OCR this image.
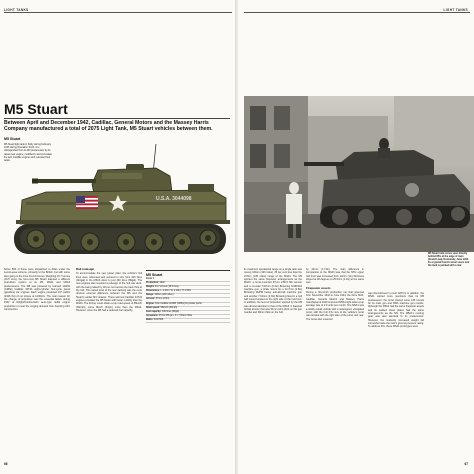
LIGHT TANKS
M5 Stuart
Between April and December 1942, Cadillac, General Motors and the Massey Harris Company manufactured a total of 2075 Light Tank, M5 Stuart vehicles between them.
M5 Stuart
M5 Stuart light tank in Sicily during February 1943 during Operation Torch. It is distinguished from its M3 predecessor by its raised rear engine, modified to accommodate the twin Cadillac engines and relocated fuel tanks.
U.S.A. 3044098
Some 583 of these were dispatched to Allies under the Lend-Lease scheme, primarily to the British, but with some also going to the Free French forces. Weighing 16.7 tonnes (16.5 tons), the four-crew M5 Stuart featured a different propulsion system to its M3, M3A1 and M3A3 predecessors. The M5 was powered by twinned 110kW (148hp) Cadillac 44T24 eight-cylinder four-cycle petrol (gasoline) car engines. Each engine produced 167 pabhs (2426 lbs) of net torque at 1200rpm. The main reason for the change of propulsion was the essential failure during 1942 of Wright/Continental's aero-type radial engine production to meet the surging demand from booming AFV construction.
Rail redesign
To accommodate the new power plant, the vehicle's hull lines were refocused and reduced in size from 416 litres (110gal) in the M3A3 down to just 340 litres (89gal). The new engines also required a redesign of the hull rear deck, with the being raised by 48 per cent across the back third of the hull. This raised level of the rear decking was the most obvious external difference between the M5 and the Stuart's earlier M3 variants. These twinned Cadillac 44T24 engines provided the M5 Stuart with better mobility than the M3A3. The former could obtain a top road speed of 58km/h (36mph), some 8km/h (5mph) more than the M3A3. However, since the M5 had a reduced fuel capacity,
M5 Stuart
Crew: 4
Production: 1942
Weight: 16.7 tonnes (16.5 tons)
Dimensions: L: 4.34m; W: 2.29m; H: 2.55m
Range: 161km (100 miles)
Armour: 67mm (2.6in)
Engine: Twin Cadillac 110kW (148hp) 8-cylinder petrol
Road speed: 58km/h (36mph)
Fuel capacity: 340 litres (89gal)
Armament: 37mm M6 gun, 3 x 7.62mm MGs
Radio: SCR 508
66
LIGHT TANKS
M5 Stuart tank crews seen directly behind M5s at the edge of town (Grand Lieu), Normandy, June 1944. Its a typical French street scene and the tank is painted with a star.
its maximum operational range on a single tank was merely 161km (100 miles), 35 per cent less than the 217km (135 miles) range of the M3A3. The M5 sported the same firepower arrangements as the M3A3: a turret-mounted 37mm L/56.5 M6 cannon and a co-axial 7.62mm (0.3in) Browning M1919A4 machine gun, a pintle mount for a 12.7mm (0.5in) Browning M2HB heavy anti-aircraft machine gun and another 7.62mm (0.3in) Browning fixed in a hull ball mount located on the right side of the hull front. In addition, the level of protection sported by the M5 was almost identical to that of the M3A3. It featured frontal armour that was 51mm (2in) thick on the gun mantlet and 38mm thick on the hull.
by 44mm (1.73in). The main difference in comparison to the M3A3 was that the M5's upper hull front was increased from 13mm (1in) thickness sloped at 48 degrees to 25.6mm (1.1in) at the same sum.
Firepower assets
During a 30-month production run that spanned from November 1943 to June 1944, the firms NCR, Cadillac, General Motors and Massey Harris manufactured 1610 improved M5A1 light tanks at an average rate of 2.9 units per month. The M5A1 was a totally rebuilt vehicle with a redesigned, elongated turret, with the hull 2.5x size of the vehicle's turret was located with the right side of the turret roof rear. The turret also mounted
was discontinued in most NATO's in addition, the M5A1 carried more munitions than its M5 predecessor: the turret stowed some 136 rounds for its main gun and 6500 machine gun rounds. Although the M5A1 had the same firepower assets and its welded sheet plates had the same arrangements as the M5. The M5A1's running gear was also identical to its predecessor. However, the modestly increased weight did somewhat raise the tank's ground pressure rating. To address this, these M5A1 prototypes were
67
